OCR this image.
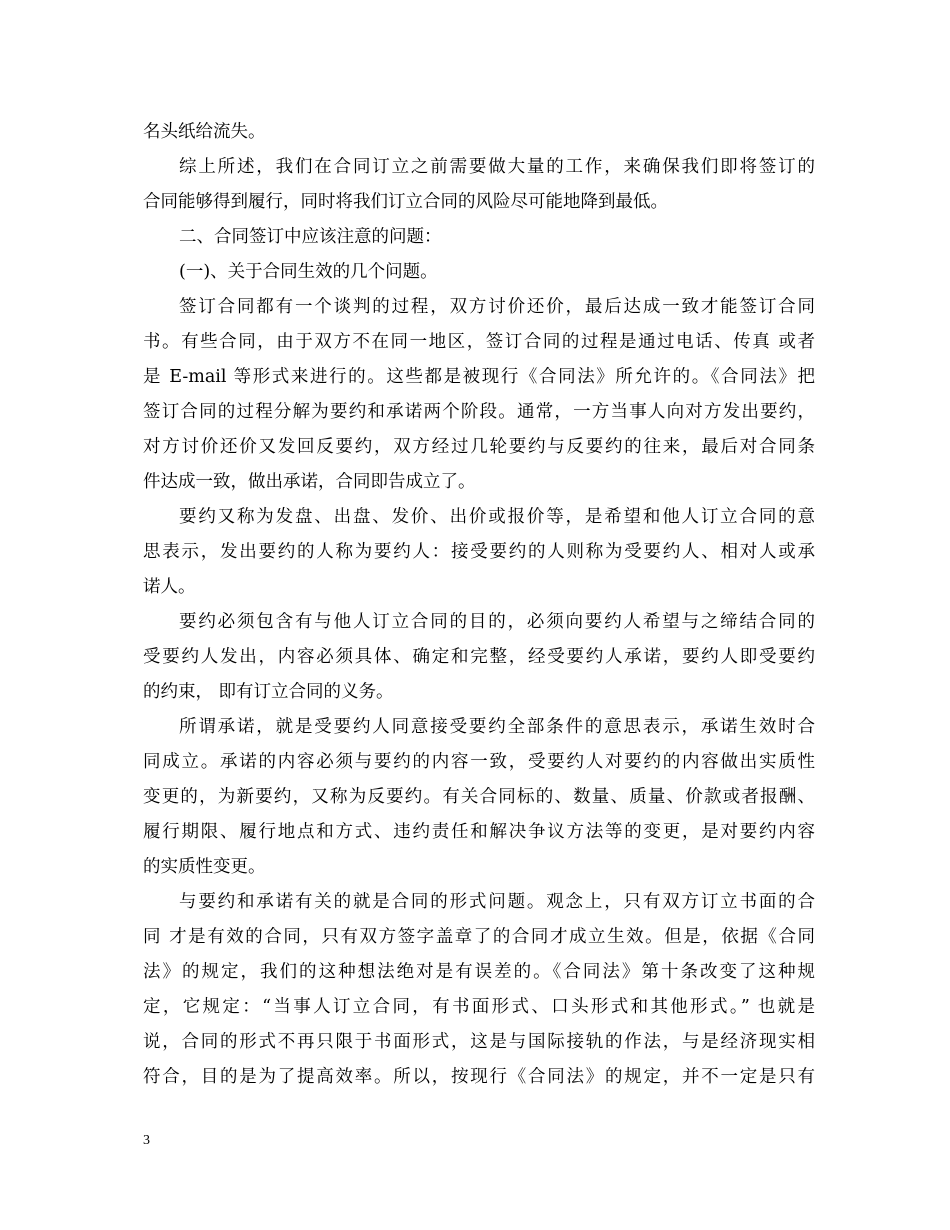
名头纸给流失。
综上所述，我们在合同订立之前需要做大量的工作，来确保我们即将签订的
合同能够得到履行，同时将我们订立合同的风险尽可能地降到最低。
二、合同签订中应该注意的问题：
(一)、关于合同生效的几个问题。
签订合同都有一个谈判的过程，双方讨价还价，最后达成一致才能签订合同
书。有些合同，由于双方不在同一地区，签订合同的过程是通过电话、传真 或者
是 E-mail 等形式来进行的。这些都是被现行《合同法》所允许的。《合同法》把
签订合同的过程分解为要约和承诺两个阶段。通常，一方当事人向对方发出要约，
对方讨价还价又发回反要约，双方经过几轮要约与反要约的往来，最后对合同条
件达成一致，做出承诺，合同即告成立了。
要约又称为发盘、出盘、发价、出价或报价等，是希望和他人订立合同的意
思表示，发出要约的人称为要约人：接受要约的人则称为受要约人、相对人或承
诺人。
要约必须包含有与他人订立合同的目的，必须向要约人希望与之缔结合同的
受要约人发出，内容必须具体、确定和完整，经受要约人承诺，要约人即受要约
的约束， 即有订立合同的义务。
所谓承诺，就是受要约人同意接受要约全部条件的意思表示，承诺生效时合
同成立。承诺的内容必须与要约的内容一致，受要约人对要约的内容做出实质性
变更的，为新要约，又称为反要约。有关合同标的、数量、质量、价款或者报酬、
履行期限、履行地点和方式、违约责任和解决争议方法等的变更，是对要约内容
的实质性变更。
与要约和承诺有关的就是合同的形式问题。观念上，只有双方订立书面的合
同 才是有效的合同，只有双方签字盖章了的合同才成立生效。但是，依据《合同
法》的规定，我们的这种想法绝对是有误差的。《合同法》第十条改变了这种规
定，它规定：“当事人订立合同，有书面形式、口头形式和其他形式。” 也就是
说，合同的形式不再只限于书面形式，这是与国际接轨的作法，与是经济现实相
符合，目的是为了提高效率。所以，按现行《合同法》的规定，并不一定是只有
3
